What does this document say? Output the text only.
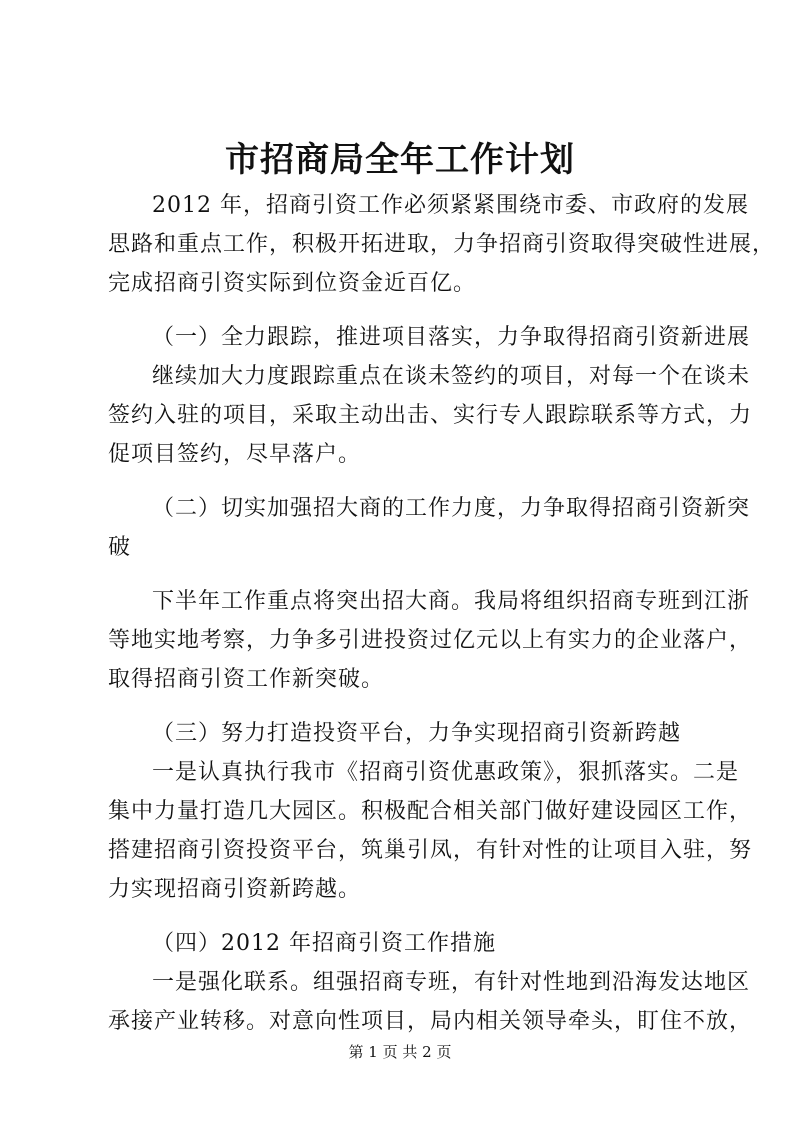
市招商局全年工作计划

2012 年，招商引资工作必须紧紧围绕市委、市政府的发展
思路和重点工作，积极开拓进取，力争招商引资取得突破性进展，
完成招商引资实际到位资金近百亿。

（一）全力跟踪，推进项目落实，力争取得招商引资新进展

继续加大力度跟踪重点在谈未签约的项目，对每一个在谈未
签约入驻的项目，采取主动出击、实行专人跟踪联系等方式，力
促项目签约，尽早落户。

（二）切实加强招大商的工作力度，力争取得招商引资新突
破

下半年工作重点将突出招大商。我局将组织招商专班到江浙
等地实地考察，力争多引进投资过亿元以上有实力的企业落户，
取得招商引资工作新突破。

（三）努力打造投资平台，力争实现招商引资新跨越

一是认真执行我市《招商引资优惠政策》，狠抓落实。二是
集中力量打造几大园区。积极配合相关部门做好建设园区工作，
搭建招商引资投资平台，筑巢引凤，有针对性的让项目入驻，努
力实现招商引资新跨越。

（四）2012 年招商引资工作措施

一是强化联系。组强招商专班，有针对性地到沿海发达地区
承接产业转移。对意向性项目，局内相关领导牵头，盯住不放，

第 1 页 共 2 页
